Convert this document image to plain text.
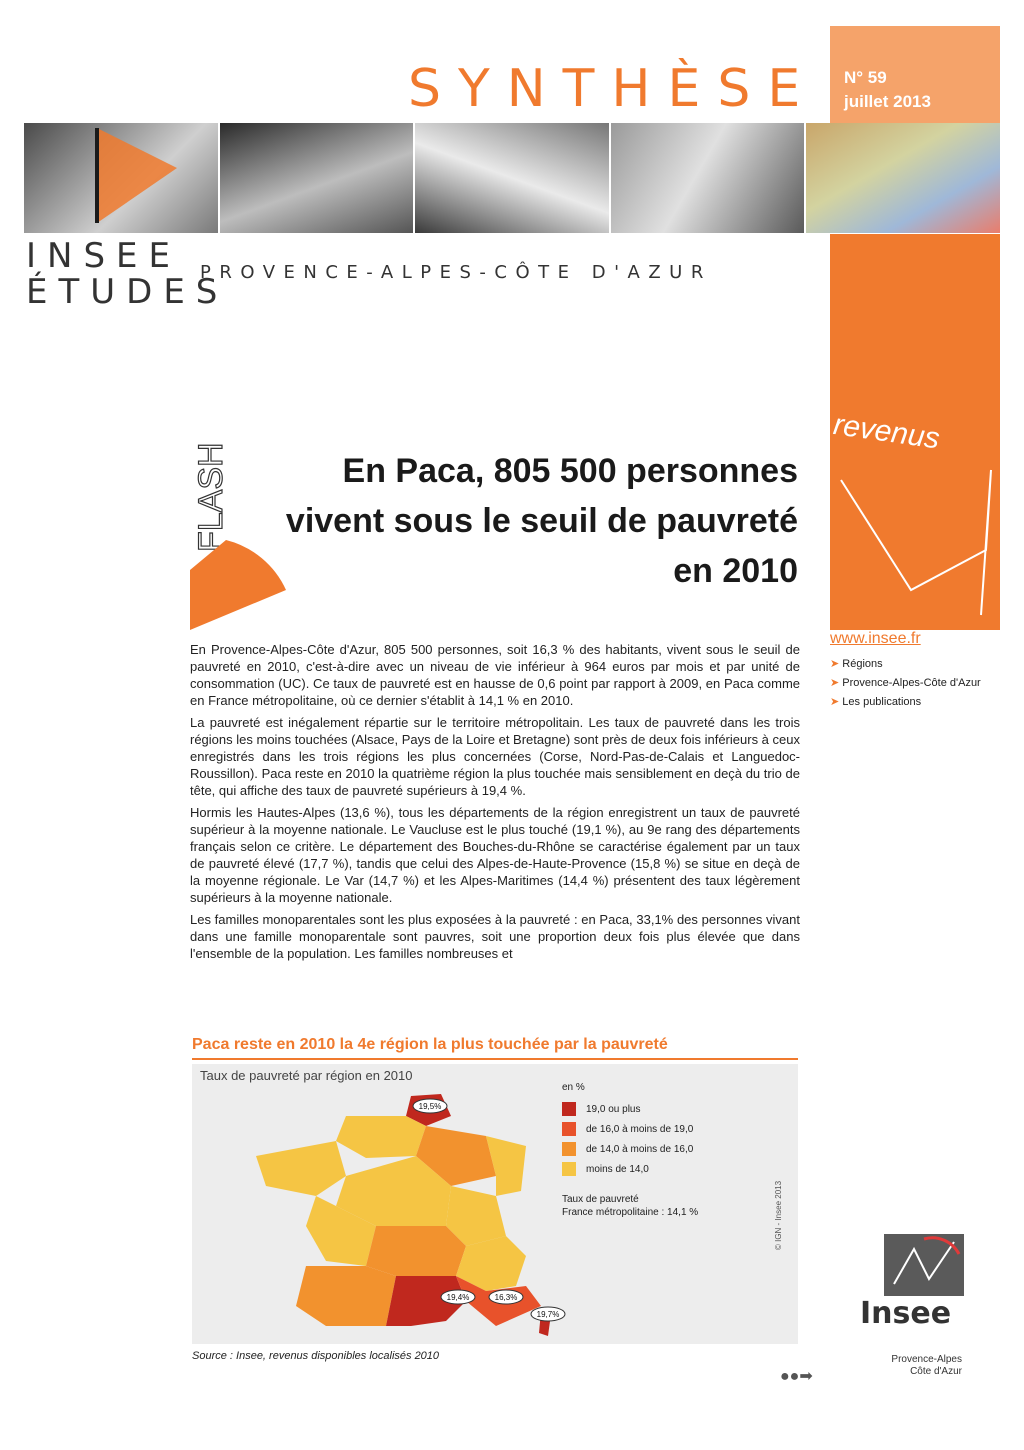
SYNTHÈSE	N° 59
juillet 2013
INSEE
ÉTUDES
PROVENCE-ALPES-CÔTE D'AZUR
revenus
www.insee.fr
➤ Régions
➤ Provence-Alpes-Côte d'Azur
➤ Les publications
FLASH	En Paca, 805 500 personnes
vivent sous le seuil de pauvreté
en 2010

En Provence-Alpes-Côte d'Azur, 805 500 personnes, soit 16,3 % des habitants, vivent sous le seuil de pauvreté en 2010, c'est-à-dire avec un niveau de vie inférieur à 964 euros par mois et par unité de consommation (UC). Ce taux de pauvreté est en hausse de 0,6 point par rapport à 2009, en Paca comme en France métropolitaine, où ce dernier s'établit à 14,1 % en 2010.

La pauvreté est inégalement répartie sur le territoire métropolitain. Les taux de pauvreté dans les trois régions les moins touchées (Alsace, Pays de la Loire et Bretagne) sont près de deux fois inférieurs à ceux enregistrés dans les trois régions les plus concernées (Corse, Nord-Pas-de-Calais et Languedoc-Roussillon). Paca reste en 2010 la quatrième région la plus touchée mais sensiblement en deçà du trio de tête, qui affiche des taux de pauvreté supérieurs à 19,4 %.

Hormis les Hautes-Alpes (13,6 %), tous les départements de la région enregistrent un taux de pauvreté supérieur à la moyenne nationale. Le Vaucluse est le plus touché (19,1 %), au 9e rang des départements français selon ce critère. Le département des Bouches-du-Rhône se caractérise également par un taux de pauvreté élevé (17,7 %), tandis que celui des Alpes-de-Haute-Provence (15,8 %) se situe en deçà de la moyenne régionale. Le Var (14,7 %) et les Alpes-Maritimes (14,4 %) présentent des taux légèrement supérieurs à la moyenne nationale.

Les familles monoparentales sont les plus exposées à la pauvreté : en Paca, 33,1% des personnes vivant dans une famille monoparentale sont pauvres, soit une proportion deux fois plus élevée que dans l'ensemble de la population. Les familles nombreuses et

Paca reste en 2010 la 4e région la plus touchée par la pauvreté
Taux de pauvreté par région en 2010
19,5%
19,4%	16,3%
19,7%
en %
19,0 ou plus
de 16,0 à moins de 19,0
de 14,0 à moins de 16,0
moins de 14,0
Taux de pauvreté
France métropolitaine : 14,1 %	© IGN - Insee 2013
Source : Insee, revenus disponibles localisés 2010
Insee
Provence-Alpes
Côte d'Azur
●●➡
